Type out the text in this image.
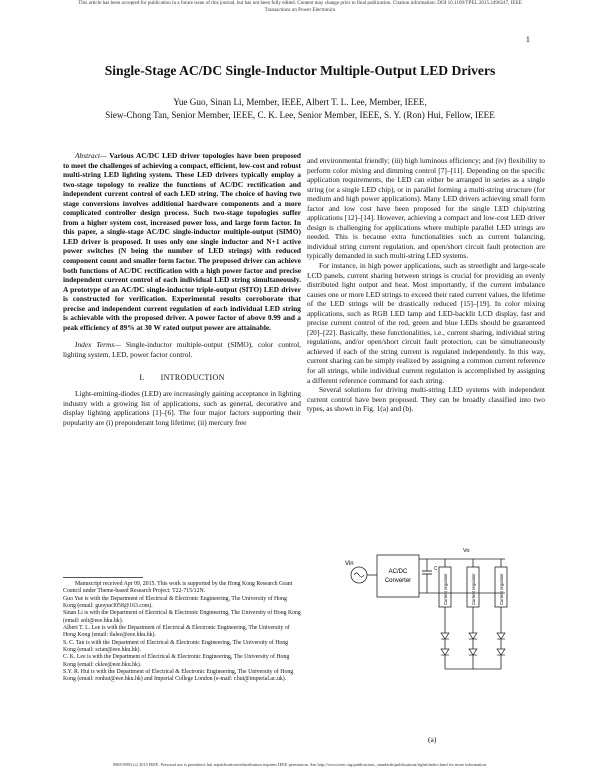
This article has been accepted for publication in a future issue of this journal, but has not been fully edited. Content may change prior to final publication. Citation information: DOI 10.1109/TPEL.2015.2496247, IEEE
Transactions on Power Electronics
1
Single-Stage AC/DC Single-Inductor Multiple-Output LED Drivers
Yue Guo, Sinan Li, Member, IEEE, Albert T. L. Lee, Member, IEEE,
Siew-Chong Tan, Senior Member, IEEE, C. K. Lee, Senior Member, IEEE, S. Y. (Ron) Hui, Fellow, IEEE

Abstract— Various AC/DC LED driver topologies have been proposed to meet the challenges of achieving a compact, efficient, low-cost and robust multi-string LED lighting system. These LED drivers typically employ a two-stage topology to realize the functions of AC/DC rectification and independent current control of each LED string. The choice of having two stage conversions involves additional hardware components and a more complicated controller design process. Such two-stage topologies suffer from a higher system cost, increased power loss, and large form factor. In this paper, a single-stage AC/DC single-inductor multiple-output (SIMO) LED driver is proposed. It uses only one single inductor and N+1 active power switches (N being the number of LED strings) with reduced component count and smaller form factor. The proposed driver can achieve both functions of AC/DC rectification with a high power factor and precise independent current control of each individual LED string simultaneously. A prototype of an AC/DC single-inductor triple-output (SITO) LED driver is constructed for verification. Experimental results corroborate that precise and independent current regulation of each individual LED string is achievable with the proposed driver. A power factor of above 0.99 and a peak efficiency of 89% at 30 W rated output power are attainable.

Index Terms— Single-inductor multiple-output (SIMO), color control, lighting system, LED, power factor control.

I. INTRODUCTION

Light-emitting-diodes (LED) are increasingly gaining acceptance in lighting industry with a growing list of applications, such as general, decorative and display lighting applications [1]–[6]. The four major factors supporting their popularity are (i) preponderant long lifetime; (ii) mercury free

Manuscript received Apr 09, 2015. This work is supported by the Hong Kong Research Grant Council under Theme-based Research Project: T22-715/12N.

Guo Yue is with the Department of Electrical & Electronic Engineering, The University of Hong Kong (email: guoyue3058@163.com).

Sinan Li is with the Department of Electrical & Electronic Engineering, The University of Hong Kong (email: snli@eee.hku.hk).

Albert T. L. Lee is with the Department of Electrical & Electronic Engineering, The University of Hong Kong (email: tlalee@eee.hku.hk).

S. C. Tan is with the Department of Electrical & Electronic Engineering, The University of Hong Kong (email: sctan@eee.hku.hk).

C. K. Lee is with the Department of Electrical & Electronic Engineering, The University of Hong Kong (email: cklee@eee.hku.hk).

S.Y. R. Hui is with the Department of Electrical & Electronic Engineering, The University of Hong Kong (email: ronhui@eee.hku.hk) and Imperial College London (e-mail: r.hui@imperial.ac.uk).

and environmental friendly; (iii) high luminous efficiency; and (iv) flexibility to perform color mixing and dimming control [7]–[11]. Depending on the specific application requirements, the LED can either be arranged in series as a single string (or a single LED chip), or in parallel forming a multi-string structure (for medium and high power applications). Many LED drivers achieving small form factor and low cost have been proposed for the single LED chip/string applications [12]–[14]. However, achieving a compact and low-cost LED driver design is challenging for applications where multiple parallel LED strings are needed. This is because extra functionalities such as current balancing, individual string current regulation, and open/short circuit fault protection are typically demanded in such multi-string LED systems.

For instance, in high power applications, such as streetlight and large-scale LCD panels, current sharing between strings is crucial for providing an evenly distributed light output and heat. Most importantly, if the current imbalance causes one or more LED strings to exceed their rated current values, the lifetime of the LED strings will be drastically reduced [15]–[19]. In color mixing applications, such as RGB LED lamp and LED-backlit LCD display, fast and precise current control of the red, green and blue LEDs should be guaranteed [20]–[22]. Basically, these functionalities, i.e., current sharing, individual string regulations, and/or open/short circuit fault protection, can be simultaneously achieved if each of the string current is regulated independently. In this way, current sharing can be simply realized by assigning a common current reference for all strings, while individual current regulation is accomplished by assigning a different reference command for each string.

Several solutions for driving multi-string LED systems with independent current control have been proposed. They can be broadly classified into two types, as shown in Fig. 1(a) and (b).

Vin
AC/DC
Converter
Vo
C
Current regulator	Current regulator	Current regulator
(a)
0885-8993 (c) 2015 IEEE. Personal use is permitted, but republication/redistribution requires IEEE permission. See http://www.ieee.org/publications_standards/publications/rights/index.html for more information.
